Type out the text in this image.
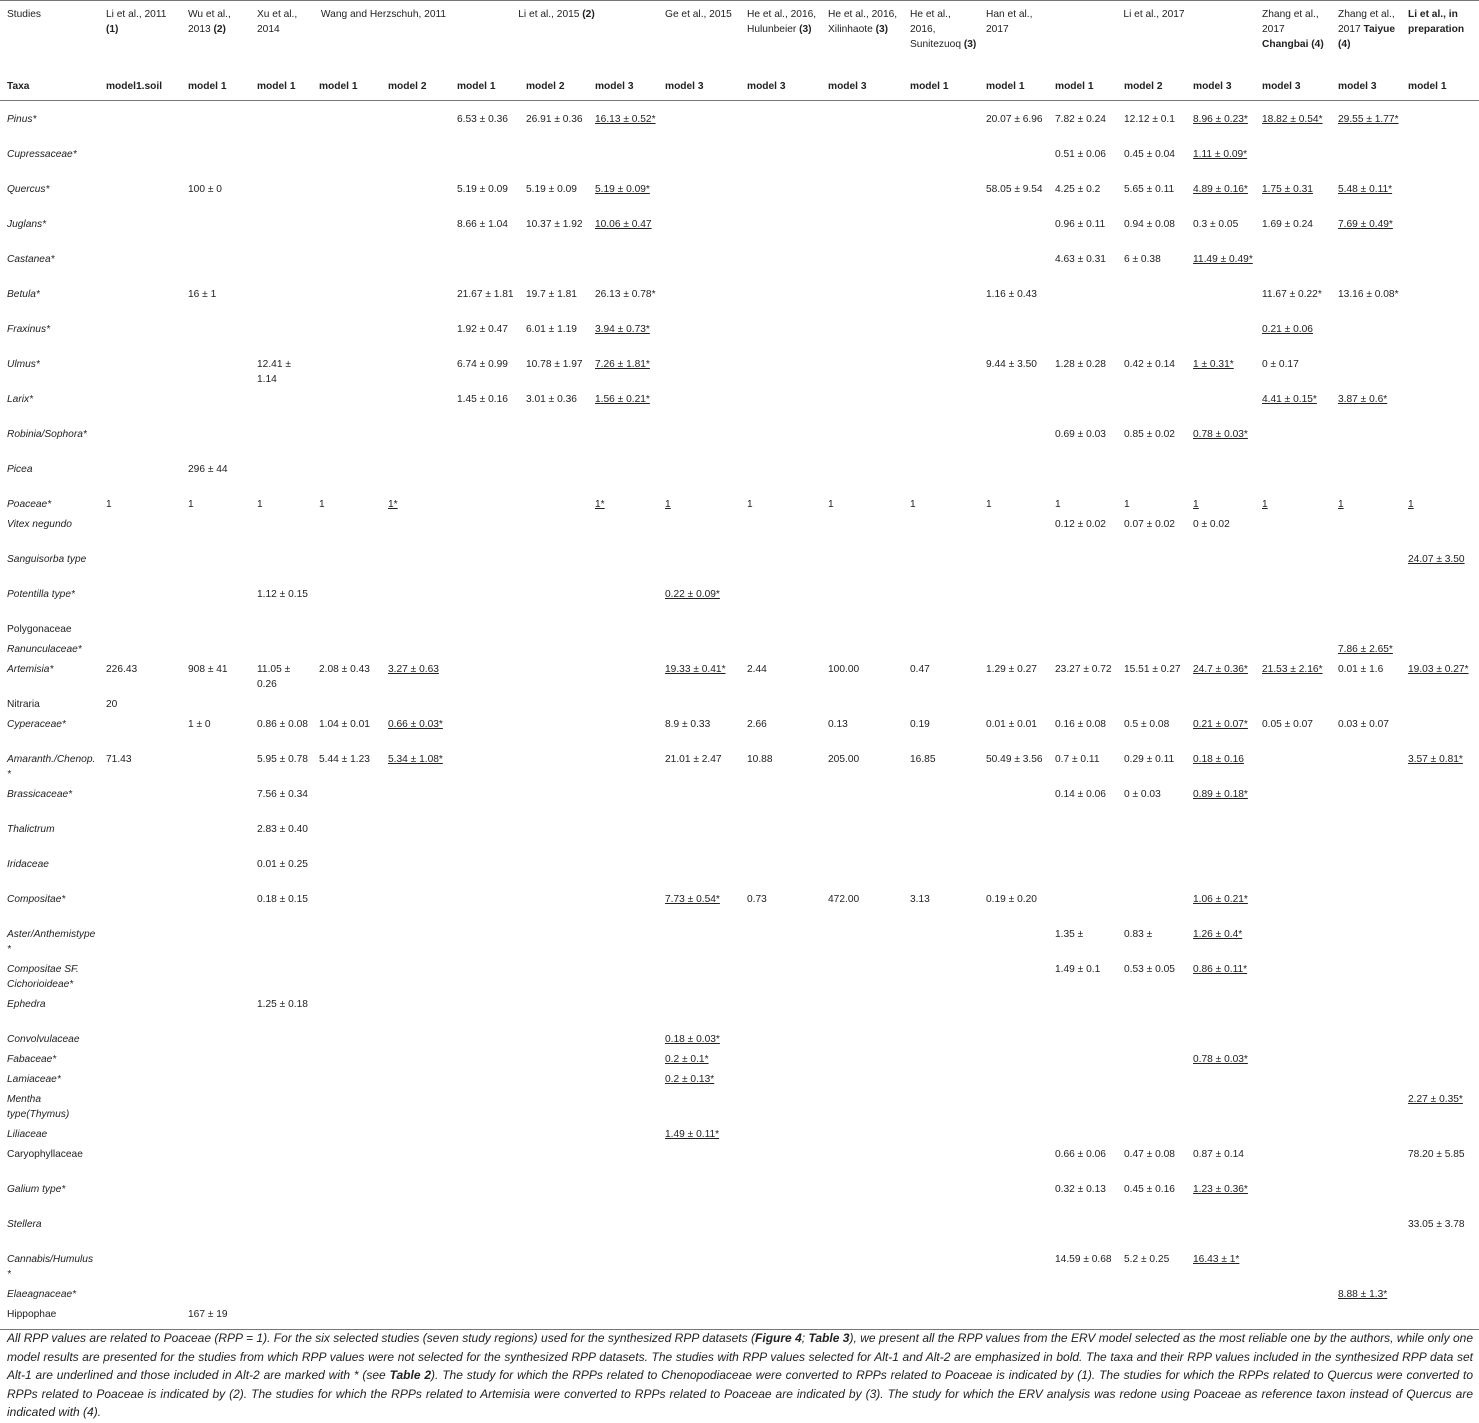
Studies	Li et al., 2011 (1)	Wu et al., 2013 (2)	Xu et al., 2014	Wang and Herzschuh, 2011		Li et al., 2015 (2)			Ge et al., 2015	He et al., 2016, Hulunbeier (3)	He et al., 2016, Xilinhaote (3)	He et al., 2016, Sunitezuoq (3)	Han et al., 2017	Li et al., 2017			Zhang et al., 2017 Changbai (4)	Zhang et al., 2017 Taiyue (4)	Li et al., in preparation
Taxa	model1.soil	model 1	model 1	model 1	model 2	model 1	model 2	model 3	model 3	model 3	model 3	model 1	model 1	model 1	model 2	model 3	model 3	model 3	model 1
Pinus*						6.53 ± 0.36	26.91 ± 0.36	16.13 ± 0.52*					20.07 ± 6.96	7.82 ± 0.24	12.12 ± 0.1	8.96 ± 0.23*	18.82 ± 0.54*	29.55 ± 1.77*	
Cupressaceae*														0.51 ± 0.06	0.45 ± 0.04	1.11 ± 0.09*			
Quercus*		100 ± 0				5.19 ± 0.09	5.19 ± 0.09	5.19 ± 0.09*					58.05 ± 9.54	4.25 ± 0.2	5.65 ± 0.11	4.89 ± 0.16*	1.75 ± 0.31	5.48 ± 0.11*	
Juglans*						8.66 ± 1.04	10.37 ± 1.92	10.06 ± 0.47						0.96 ± 0.11	0.94 ± 0.08	0.3 ± 0.05	1.69 ± 0.24	7.69 ± 0.49*	
Castanea*														4.63 ± 0.31	6 ± 0.38	11.49 ± 0.49*			
Betula*		16 ± 1				21.67 ± 1.81	19.7 ± 1.81	26.13 ± 0.78*					1.16 ± 0.43				11.67 ± 0.22*	13.16 ± 0.08*	
Fraxinus*						1.92 ± 0.47	6.01 ± 1.19	3.94 ± 0.73*									0.21 ± 0.06		
Ulmus*			12.41 ± 1.14			6.74 ± 0.99	10.78 ± 1.97	7.26 ± 1.81*					9.44 ± 3.50	1.28 ± 0.28	0.42 ± 0.14	1 ± 0.31*	0 ± 0.17		
Larix*						1.45 ± 0.16	3.01 ± 0.36	1.56 ± 0.21*									4.41 ± 0.15*	3.87 ± 0.6*	
Robinia/Sophora*														0.69 ± 0.03	0.85 ± 0.02	0.78 ± 0.03*			
Picea		296 ± 44																	
Poaceae*	1	1	1	1	1*			1*	1	1	1	1	1	1	1	1	1	1	1
Vitex negundo														0.12 ± 0.02	0.07 ± 0.02	0 ± 0.02			
Sanguisorba type																			24.07 ± 3.50
Potentilla type*			1.12 ± 0.15						0.22 ± 0.09*										
Polygonaceae																			
Ranunculaceae*																		7.86 ± 2.65*	
Artemisia*	226.43	908 ± 41	11.05 ± 0.26	2.08 ± 0.43	3.27 ± 0.63				19.33 ± 0.41*	2.44	100.00	0.47	1.29 ± 0.27	23.27 ± 0.72	15.51 ± 0.27	24.7 ± 0.36*	21.53 ± 2.16*	0.01 ± 1.6	19.03 ± 0.27*
Nitraria	20																		
Cyperaceae*		1 ± 0	0.86 ± 0.08	1.04 ± 0.01	0.66 ± 0.03*				8.9 ± 0.33	2.66	0.13	0.19	0.01 ± 0.01	0.16 ± 0.08	0.5 ± 0.08	0.21 ± 0.07*	0.05 ± 0.07	0.03 ± 0.07	
Amaranth./Chenop.*	71.43		5.95 ± 0.78	5.44 ± 1.23	5.34 ± 1.08*				21.01 ± 2.47	10.88	205.00	16.85	50.49 ± 3.56	0.7 ± 0.11	0.29 ± 0.11	0.18 ± 0.16			3.57 ± 0.81*
Brassicaceae*			7.56 ± 0.34											0.14 ± 0.06	0 ± 0.03	0.89 ± 0.18*			
Thalictrum			2.83 ± 0.40																
Iridaceae			0.01 ± 0.25																
Compositae*			0.18 ± 0.15						7.73 ± 0.54*	0.73	472.00	3.13	0.19 ± 0.20			1.06 ± 0.21*			
Aster/Anthemistype*														1.35 ±	0.83 ±	1.26 ± 0.4*			
Compositae SF. Cichorioideae*														1.49 ± 0.1	0.53 ± 0.05	0.86 ± 0.11*			
Ephedra			1.25 ± 0.18																
Convolvulaceae									0.18 ± 0.03*										
Fabaceae*									0.2 ± 0.1*							0.78 ± 0.03*			
Lamiaceae*									0.2 ± 0.13*										
Mentha type(Thymus)																			2.27 ± 0.35*
Liliaceae									1.49 ± 0.11*										
Caryophyllaceae														0.66 ± 0.06	0.47 ± 0.08	0.87 ± 0.14			78.20 ± 5.85
Galium type*														0.32 ± 0.13	0.45 ± 0.16	1.23 ± 0.36*			
Stellera																			33.05 ± 3.78
Cannabis/Humulus*														14.59 ± 0.68	5.2 ± 0.25	16.43 ± 1*			
Elaeagnaceae*																		8.88 ± 1.3*	
Hippophae		167 ± 19																	
All RPP values are related to Poaceae (RPP = 1). For the six selected studies (seven study regions) used for the synthesized RPP datasets (Figure 4; Table 3), we present all the RPP values from the ERV model selected as the most reliable one by the authors, while only one model results are presented for the studies from which RPP values were not selected for the synthesized RPP datasets. The studies with RPP values selected for Alt-1 and Alt-2 are emphasized in bold. The taxa and their RPP values included in the synthesized RPP data set Alt-1 are underlined and those included in Alt-2 are marked with * (see Table 2). The study for which the RPPs related to Chenopodiaceae were converted to RPPs related to Poaceae is indicated by (1). The studies for which the RPPs related to Quercus were converted to RPPs related to Poaceae is indicated by (2). The studies for which the RPPs related to Artemisia were converted to RPPs related to Poaceae are indicated by (3). The study for which the ERV analysis was redone using Poaceae as reference taxon instead of Quercus are indicated with (4).
